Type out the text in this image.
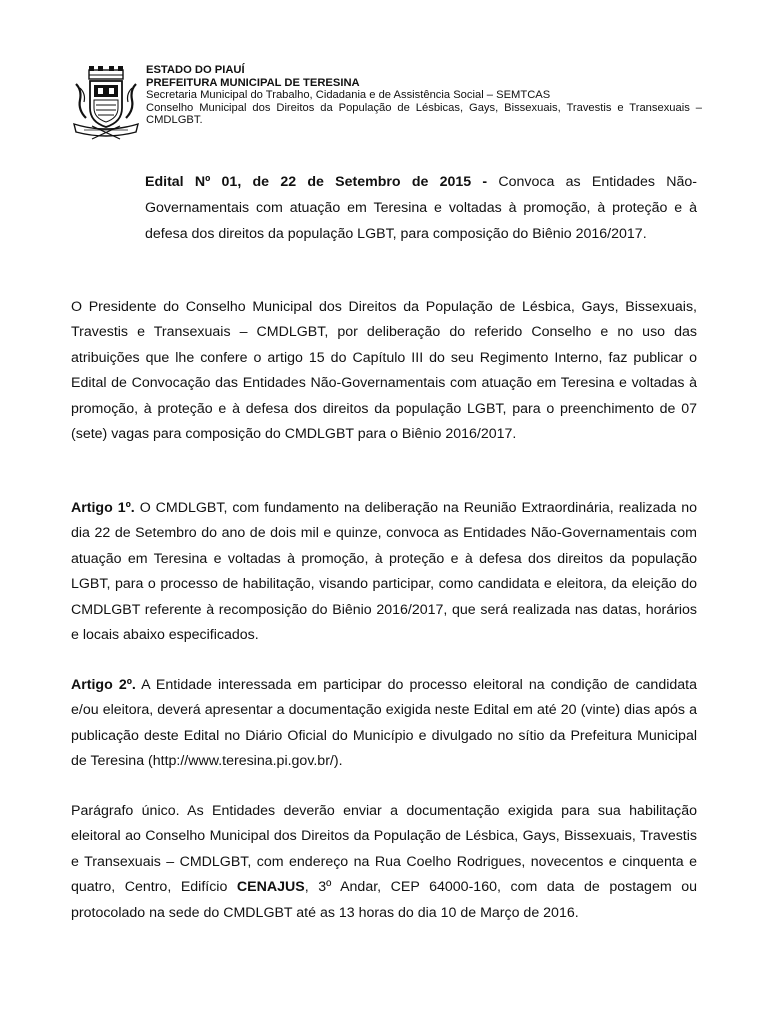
ESTADO DO PIAUÍ
PREFEITURA MUNICIPAL DE TERESINA
Secretaria Municipal do Trabalho, Cidadania e de Assistência Social – SEMTCAS
Conselho Municipal dos Direitos da População de Lésbicas, Gays, Bissexuais, Travestis e Transexuais – CMDLGBT.
Edital Nº 01, de 22 de Setembro de 2015 - Convoca as Entidades Não-Governamentais com atuação em Teresina e voltadas à promoção, à proteção e à defesa dos direitos da população LGBT, para composição do Biênio 2016/2017.
O Presidente do Conselho Municipal dos Direitos da População de Lésbica, Gays, Bissexuais, Travestis e Transexuais – CMDLGBT, por deliberação do referido Conselho e no uso das atribuições que lhe confere o artigo 15 do Capítulo III do seu Regimento Interno, faz publicar o Edital de Convocação das Entidades Não-Governamentais com atuação em Teresina e voltadas à promoção, à proteção e à defesa dos direitos da população LGBT, para o preenchimento de 07 (sete) vagas para composição do CMDLGBT para o Biênio 2016/2017.
Artigo 1º. O CMDLGBT, com fundamento na deliberação na Reunião Extraordinária, realizada no dia 22 de Setembro do ano de dois mil e quinze, convoca as Entidades Não-Governamentais com atuação em Teresina e voltadas à promoção, à proteção e à defesa dos direitos da população LGBT, para o processo de habilitação, visando participar, como candidata e eleitora, da eleição do CMDLGBT referente à recomposição do Biênio 2016/2017, que será realizada nas datas, horários e locais abaixo especificados.
Artigo 2º. A Entidade interessada em participar do processo eleitoral na condição de candidata e/ou eleitora, deverá apresentar a documentação exigida neste Edital em até 20 (vinte) dias após a publicação deste Edital no Diário Oficial do Município e divulgado no sítio da Prefeitura Municipal de Teresina (http://www.teresina.pi.gov.br/).
Parágrafo único. As Entidades deverão enviar a documentação exigida para sua habilitação eleitoral ao Conselho Municipal dos Direitos da População de Lésbica, Gays, Bissexuais, Travestis e Transexuais – CMDLGBT, com endereço na Rua Coelho Rodrigues, novecentos e cinquenta e quatro, Centro, Edifício CENAJUS, 3º Andar, CEP 64000-160, com data de postagem ou protocolado na sede do CMDLGBT até as 13 horas do dia 10 de Março de 2016.
